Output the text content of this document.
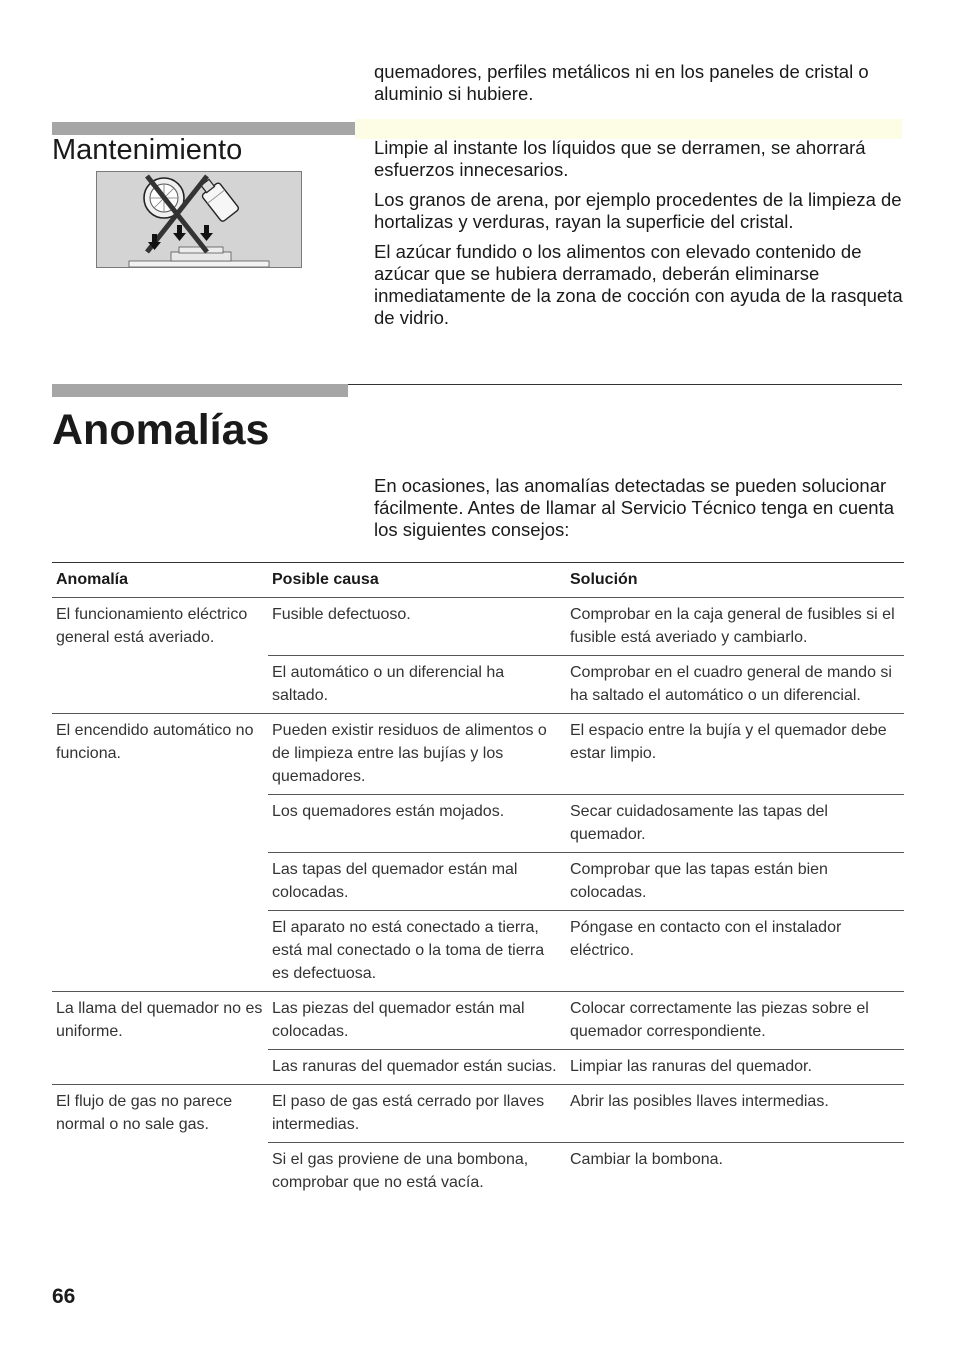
quemadores, perfiles metálicos ni en los paneles de cristal o aluminio si hubiere.
Mantenimiento	Limpie al instante los líquidos que se derramen, se ahorrará esfuerzos innecesarios.

Los granos de arena, por ejemplo procedentes de la limpieza de hortalizas y verduras, rayan la superficie del cristal.

El azúcar fundido o los alimentos con elevado contenido de azúcar que se hubiera derramado, deberán eliminarse inmediatamente de la zona de cocción con ayuda de la rasqueta de vidrio.

Anomalías
En ocasiones, las anomalías detectadas se pueden solucionar fácilmente. Antes de llamar al Servicio Técnico tenga en cuenta los siguientes consejos:
Anomalía	Posible causa	Solución
El funcionamiento eléctrico general está averiado.	Fusible defectuoso.	Comprobar en la caja general de fusibles si el fusible está averiado y cambiarlo.
	El automático o un diferencial ha saltado.	Comprobar en el cuadro general de mando si ha saltado el automático o un diferencial.
El encendido automático no funciona.	Pueden existir residuos de alimentos o de limpieza entre las bujías y los quemadores.	El espacio entre la bujía y el quemador debe estar limpio.
	Los quemadores están mojados.	Secar cuidadosamente las tapas del quemador.
	Las tapas del quemador están mal colocadas.	Comprobar que las tapas están bien colocadas.
	El aparato no está conectado a tierra, está mal conectado o la toma de tierra es defectuosa.	Póngase en contacto con el instalador eléctrico.
La llama del quemador no es uniforme.	Las piezas del quemador están mal colocadas.	Colocar correctamente las piezas sobre el quemador correspondiente.
	Las ranuras del quemador están sucias.	Limpiar las ranuras del quemador.
El flujo de gas no parece normal o no sale gas.	El paso de gas está cerrado por llaves intermedias.	Abrir las posibles llaves intermedias.
	Si el gas proviene de una bombona, comprobar que no está vacía.	Cambiar la bombona.
66
